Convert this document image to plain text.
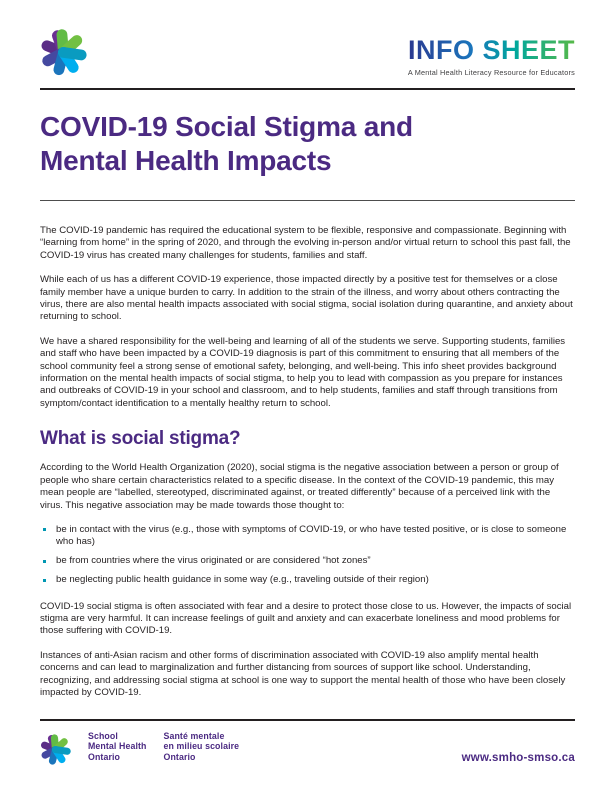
INFO SHEET
A Mental Health Literacy Resource for Educators
COVID-19 Social Stigma and
Mental Health Impacts

The COVID-19 pandemic has required the educational system to be flexible, responsive and compassionate. Beginning with “learning from home” in the spring of 2020, and through the evolving in-person and/or virtual return to school this past fall, the COVID-19 virus has created many challenges for students, families and staff.

While each of us has a different COVID-19 experience, those impacted directly by a positive test for themselves or a close family member have a unique burden to carry. In addition to the strain of the illness, and worry about others contracting the virus, there are also mental health impacts associated with social stigma, social isolation during quarantine, and anxiety about returning to school.

We have a shared responsibility for the well-being and learning of all of the students we serve. Supporting students, families and staff who have been impacted by a COVID-19 diagnosis is part of this commitment to ensuring that all members of the school community feel a strong sense of emotional safety, belonging, and well-being. This info sheet provides background information on the mental health impacts of social stigma, to help you to lead with compassion as you prepare for instances and outbreaks of COVID-19 in your school and classroom, and to help students, families and staff through transitions from symptom/contact identification to a mentally healthy return to school.

What is social stigma?

According to the World Health Organization (2020), social stigma is the negative association between a person or group of people who share certain characteristics related to a specific disease. In the context of the COVID-19 pandemic, this may mean people are “labelled, stereotyped, discriminated against, or treated differently” because of a perceived link with the virus. This negative association may be made towards those thought to:

be in contact with the virus (e.g., those with symptoms of COVID-19, or who have tested positive, or is close to someone who has)
be from countries where the virus originated or are considered “hot zones”
be neglecting public health guidance in some way (e.g., traveling outside of their region)

COVID-19 social stigma is often associated with fear and a desire to protect those close to us. However, the impacts of social stigma are very harmful. It can increase feelings of guilt and anxiety and can exacerbate loneliness and mood problems for those suffering with COVID-19.

Instances of anti-Asian racism and other forms of discrimination associated with COVID-19 also amplify mental health concerns and can lead to marginalization and further distancing from sources of support like school. Understanding, recognizing, and addressing social stigma at school is one way to support the mental health of those who have been closely impacted by COVID-19.

School
Mental Health
Ontario
Santé mentale
en milieu scolaire
Ontario	www.smho-smso.ca
